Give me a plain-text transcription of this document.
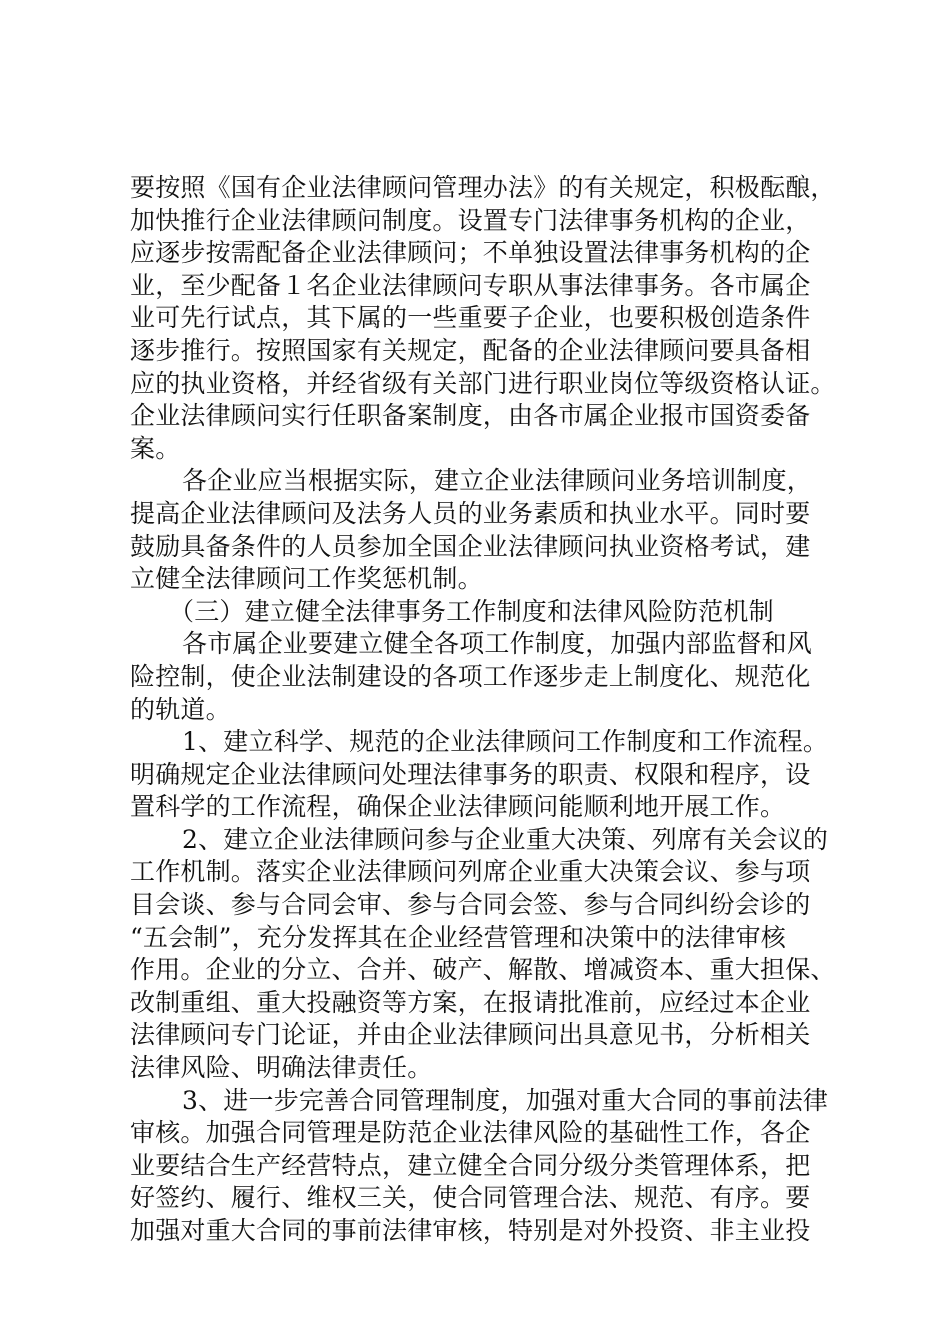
要按照《国有企业法律顾问管理办法》的有关规定，积极酝酿，
加快推行企业法律顾问制度。设置专门法律事务机构的企业，
应逐步按需配备企业法律顾问；不单独设置法律事务机构的企
业，至少配备１名企业法律顾问专职从事法律事务。各市属企
业可先行试点，其下属的一些重要子企业，也要积极创造条件
逐步推行。按照国家有关规定，配备的企业法律顾问要具备相
应的执业资格，并经省级有关部门进行职业岗位等级资格认证。
企业法律顾问实行任职备案制度，由各市属企业报市国资委备
案。
各企业应当根据实际，建立企业法律顾问业务培训制度，
提高企业法律顾问及法务人员的业务素质和执业水平。同时要
鼓励具备条件的人员参加全国企业法律顾问执业资格考试，建
立健全法律顾问工作奖惩机制。
（三）建立健全法律事务工作制度和法律风险防范机制
各市属企业要建立健全各项工作制度，加强内部监督和风
险控制，使企业法制建设的各项工作逐步走上制度化、规范化
的轨道。
1、建立科学、规范的企业法律顾问工作制度和工作流程。
明确规定企业法律顾问处理法律事务的职责、权限和程序，设
置科学的工作流程，确保企业法律顾问能顺利地开展工作。
2、建立企业法律顾问参与企业重大决策、列席有关会议的
工作机制。落实企业法律顾问列席企业重大决策会议、参与项
目会谈、参与合同会审、参与合同会签、参与合同纠纷会诊的
“五会制”，充分发挥其在企业经营管理和决策中的法律审核
作用。企业的分立、合并、破产、解散、增减资本、重大担保、
改制重组、重大投融资等方案，在报请批准前，应经过本企业
法律顾问专门论证，并由企业法律顾问出具意见书，分析相关
法律风险、明确法律责任。
3、进一步完善合同管理制度，加强对重大合同的事前法律
审核。加强合同管理是防范企业法律风险的基础性工作，各企
业要结合生产经营特点，建立健全合同分级分类管理体系，把
好签约、履行、维权三关，使合同管理合法、规范、有序。要
加强对重大合同的事前法律审核，特别是对外投资、非主业投
